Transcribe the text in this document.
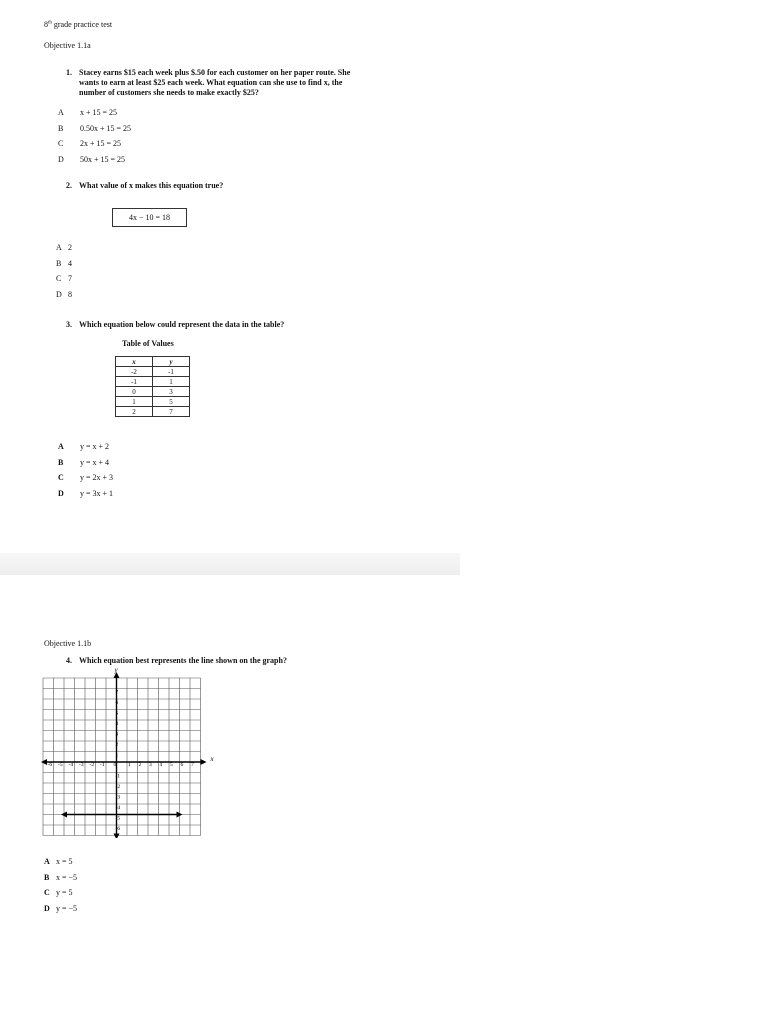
8th grade practice test
Objective 1.1a
1. Stacey earns $15 each week plus $.50 for each customer on her paper route. She
wants to earn at least $25 each week. What equation can she use to find x, the
number of customers she needs to make exactly $25?
A x + 15 = 25
B 0.50x + 15 = 25
C 2x + 15 = 25
D 50x + 15 = 25
2. What value of x makes this equation true?
4x − 10 = 18
A 2
B 4
C 7
D 8
3. Which equation below could represent the data in the table?
Table of Values
x	y
-2	-1
-1	1
0	3
1	5
2	7
A y = x + 2
B y = x + 4
C y = 2x + 3
D y = 3x + 1
Objective 1.1b
4. Which equation best represents the line shown on the graph?
x
y
-6 -5 -4 -3 -2 -1 0 1 2 3 4 5 6 7
7
6
5
4
3
2
1
-1
-2
-3
-4
-5
-6
A x = 5
B x = −5
C y = 5
D y = −5
